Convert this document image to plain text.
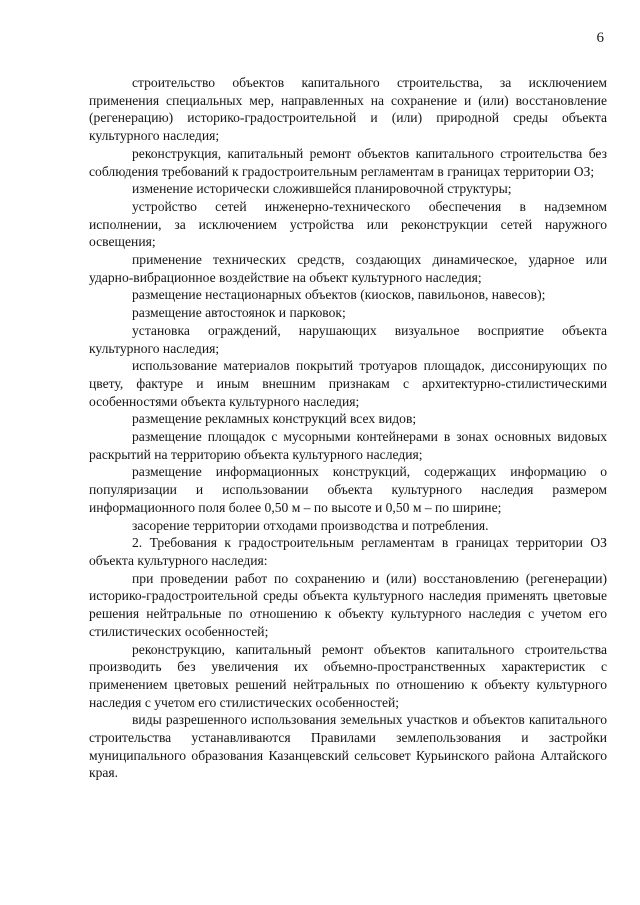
6

строительство объектов капитального строительства, за исключением применения специальных мер, направленных на сохранение и (или) восстановление (регенерацию) историко-градостроительной и (или) природной среды объекта культурного наследия;

реконструкция, капитальный ремонт объектов капитального строительства без соблюдения требований к градостроительным регламентам в границах территории ОЗ;

изменение исторически сложившейся планировочной структуры;

устройство сетей инженерно-технического обеспечения в надземном исполнении, за исключением устройства или реконструкции сетей наружного освещения;

применение технических средств, создающих динамическое, ударное или ударно-вибрационное воздействие на объект культурного наследия;

размещение нестационарных объектов (киосков, павильонов, навесов);

размещение автостоянок и парковок;

установка ограждений, нарушающих визуальное восприятие объекта культурного наследия;

использование материалов покрытий тротуаров площадок, диссонирующих по цвету, фактуре и иным внешним признакам с архитектурно-стилистическими особенностями объекта культурного наследия;

размещение рекламных конструкций всех видов;

размещение площадок с мусорными контейнерами в зонах основных видовых раскрытий на территорию объекта культурного наследия;

размещение информационных конструкций, содержащих информацию о популяризации и использовании объекта культурного наследия размером информационного поля более 0,50 м – по высоте и 0,50 м – по ширине;

засорение территории отходами производства и потребления.

2. Требования к градостроительным регламентам в границах территории ОЗ объекта культурного наследия:

при проведении работ по сохранению и (или) восстановлению (регенерации) историко-градостроительной среды объекта культурного наследия применять цветовые решения нейтральные по отношению к объекту культурного наследия с учетом его стилистических особенностей;

реконструкцию, капитальный ремонт объектов капитального строительства производить без увеличения их объемно-пространственных характеристик с применением цветовых решений нейтральных по отношению к объекту культурного наследия с учетом его стилистических особенностей;

виды разрешенного использования земельных участков и объектов капитального строительства устанавливаются Правилами землепользования и застройки муниципального образования Казанцевский сельсовет Курьинского района Алтайского края.
